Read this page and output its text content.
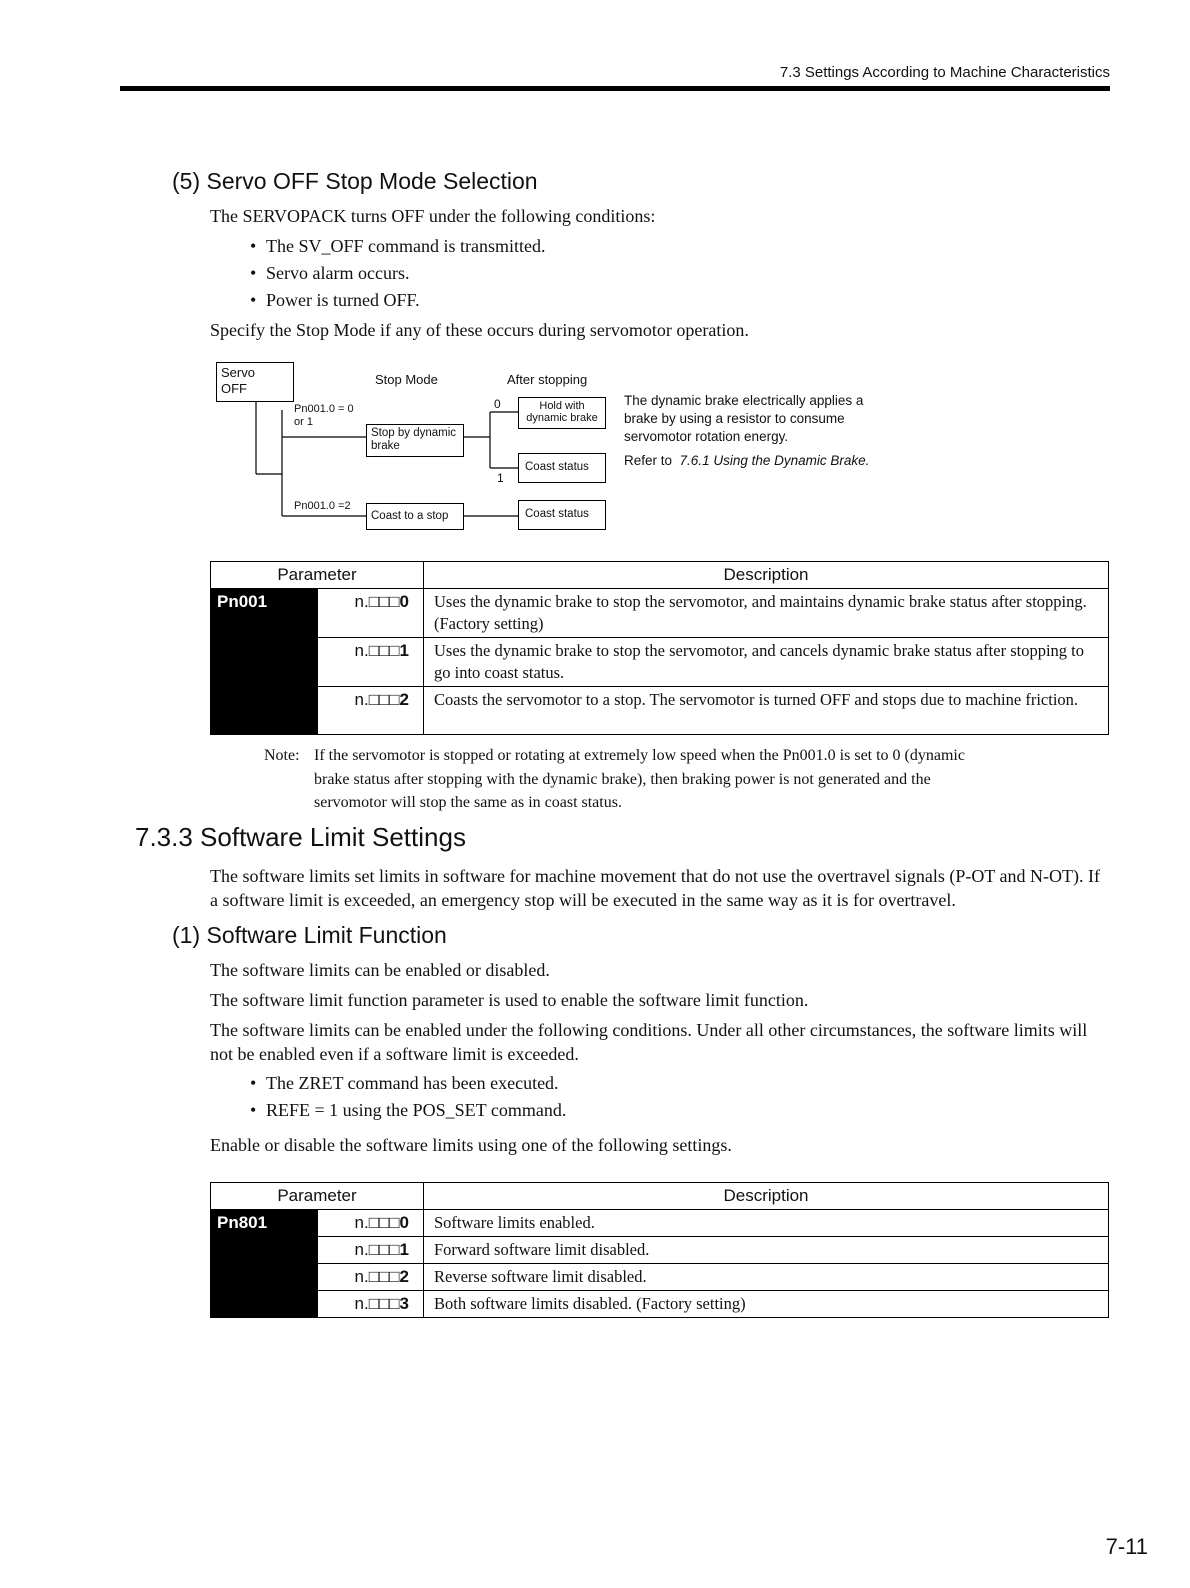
7.3 Settings According to Machine Characteristics
(5) Servo OFF Stop Mode Selection
The SERVOPACK turns OFF under the following conditions:
• The SV_OFF command is transmitted.
• Servo alarm occurs.
• Power is turned OFF.
Specify the Stop Mode if any of these occurs during servomotor operation.
Servo
OFF
Stop Mode	After stopping
Pn001.0 = 0
or 1
Pn001.0 =2
Stop by dynamic
brake
Coast to a stop
0
1
Hold with
dynamic brake
Coast status
Coast status
The dynamic brake electrically applies a
brake by using a resistor to consume
servomotor rotation energy.
Refer to 7.6.1 Using the Dynamic Brake.
Parameter		Description
Pn001	n.□□□0	Uses the dynamic brake to stop the servomotor, and maintains dynamic brake status after stopping. (Factory setting)
	n.□□□1	Uses the dynamic brake to stop the servomotor, and cancels dynamic brake status after stopping to go into coast status.
	n.□□□2	Coasts the servomotor to a stop. The servomotor is turned OFF and stops due to machine friction.
Note: If the servomotor is stopped or rotating at extremely low speed when the Pn001.0 is set to 0 (dynamic brake status after stopping with the dynamic brake), then braking power is not generated and the servomotor will stop the same as in coast status.
7.3.3 Software Limit Settings
The software limits set limits in software for machine movement that do not use the overtravel signals (P-OT and N-OT). If a software limit is exceeded, an emergency stop will be executed in the same way as it is for overtravel.
(1) Software Limit Function
The software limits can be enabled or disabled.
The software limit function parameter is used to enable the software limit function.
The software limits can be enabled under the following conditions. Under all other circumstances, the software limits will not be enabled even if a software limit is exceeded.
• The ZRET command has been executed.
• REFE = 1 using the POS_SET command.
Enable or disable the software limits using one of the following settings.
Parameter		Description
Pn801	n.□□□0	Software limits enabled.
	n.□□□1	Forward software limit disabled.
	n.□□□2	Reverse software limit disabled.
	n.□□□3	Both software limits disabled. (Factory setting)
7-11
